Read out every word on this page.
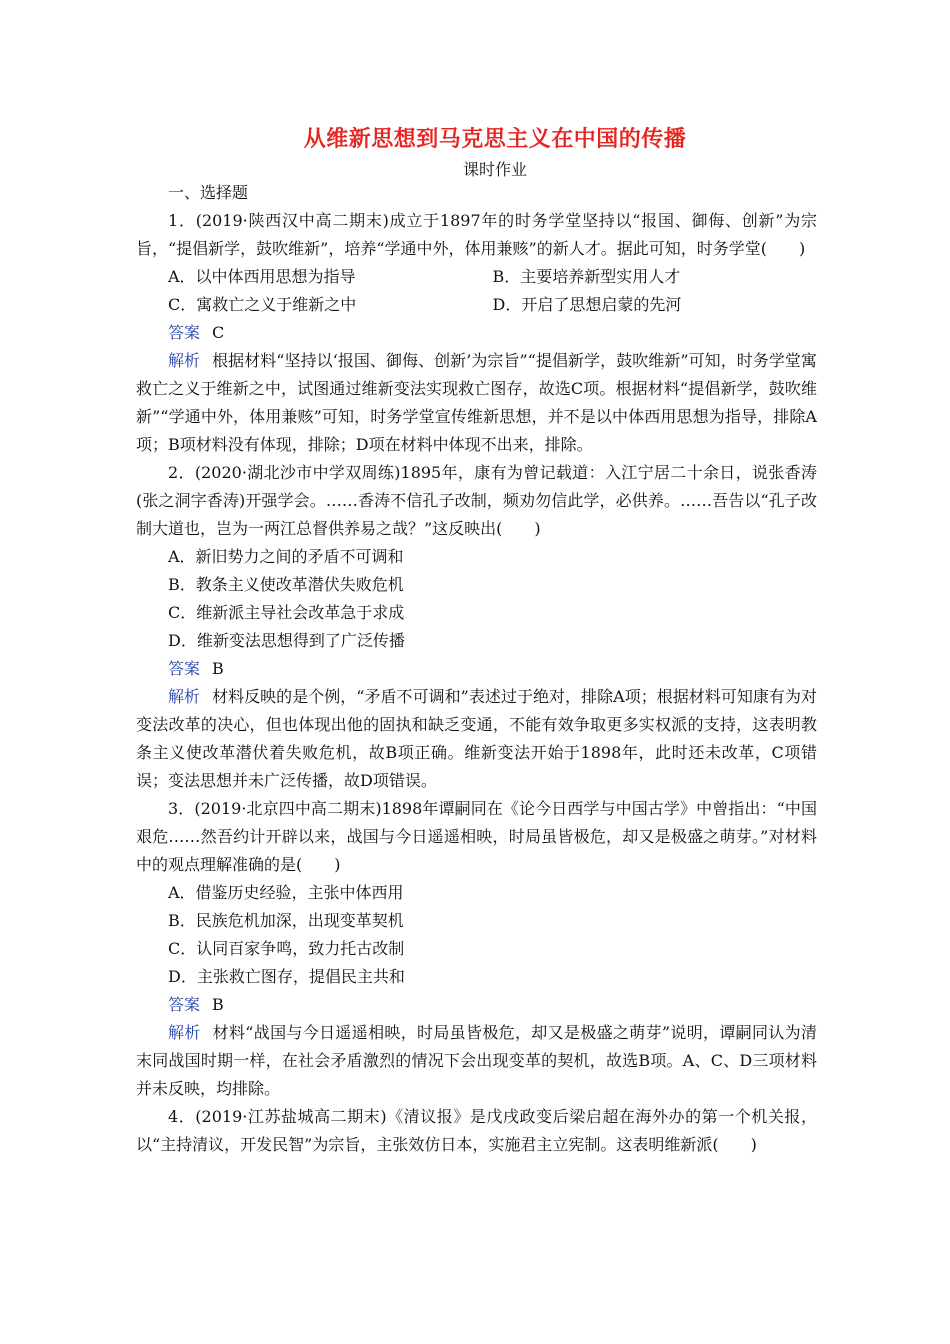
从维新思想到马克思主义在中国的传播
课时作业

一、选择题

1．(2019·陕西汉中高二期末)成立于1897年的时务学堂坚持以“报国、御侮、创新”为宗旨，“提倡新学，鼓吹维新”，培养“学通中外，体用兼赅”的新人才。据此可知，时务学堂(　　)

A．以中体西用思想为指导	B．主要培养新型实用人才
C．寓救亡之义于维新之中	D．开启了思想启蒙的先河

答案 C

解析 根据材料“坚持以‘报国、御侮、创新’为宗旨”“提倡新学，鼓吹维新”可知，时务学堂寓救亡之义于维新之中，试图通过维新变法实现救亡图存，故选C项。根据材料“提倡新学，鼓吹维新”“学通中外，体用兼赅”可知，时务学堂宣传维新思想，并不是以中体西用思想为指导，排除A项；B项材料没有体现，排除；D项在材料中体现不出来，排除。

2．(2020·湖北沙市中学双周练)1895年，康有为曾记载道：入江宁居二十余日，说张香涛(张之洞字香涛)开强学会。……香涛不信孔子改制，频劝勿信此学，必供养。……吾告以“孔子改制大道也，岂为一两江总督供养易之哉？”这反映出(　　)

A．新旧势力之间的矛盾不可调和

B．教条主义使改革潜伏失败危机

C．维新派主导社会改革急于求成

D．维新变法思想得到了广泛传播

答案 B

解析 材料反映的是个例，“矛盾不可调和”表述过于绝对，排除A项；根据材料可知康有为对变法改革的决心，但也体现出他的固执和缺乏变通，不能有效争取更多实权派的支持，这表明教条主义使改革潜伏着失败危机，故B项正确。维新变法开始于1898年，此时还未改革，C项错误；变法思想并未广泛传播，故D项错误。

3．(2019·北京四中高二期末)1898年谭嗣同在《论今日西学与中国古学》中曾指出：“中国艰危……然吾约计开辟以来，战国与今日遥遥相映，时局虽皆极危，却又是极盛之萌芽。”对材料中的观点理解准确的是(　　)

A．借鉴历史经验，主张中体西用

B．民族危机加深，出现变革契机

C．认同百家争鸣，致力托古改制

D．主张救亡图存，提倡民主共和

答案 B

解析 材料“战国与今日遥遥相映，时局虽皆极危，却又是极盛之萌芽”说明，谭嗣同认为清末同战国时期一样，在社会矛盾激烈的情况下会出现变革的契机，故选B项。A、C、D三项材料并未反映，均排除。

4．(2019·江苏盐城高二期末)《清议报》是戊戌政变后梁启超在海外办的第一个机关报，以“主持清议，开发民智”为宗旨，主张效仿日本，实施君主立宪制。这表明维新派(　　)
